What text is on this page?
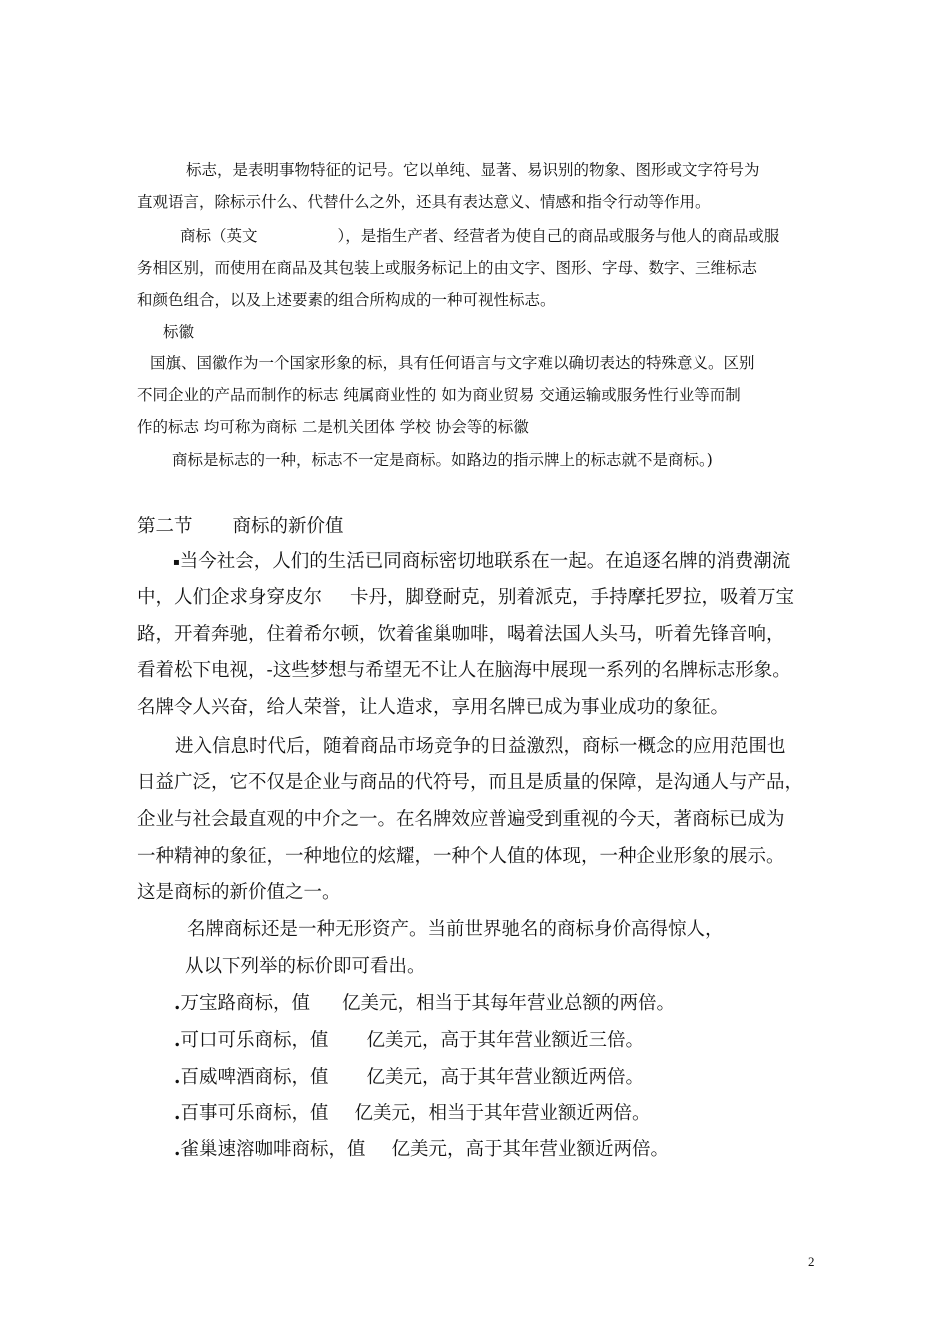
标志，是表明事物特征的记号。它以单纯、显著、易识别的物象、图形或文字符号为
直观语言，除标示什么、代替什么之外，还具有表达意义、情感和指令行动等作用。
商标（英文	），是指生产者、经营者为使自己的商品或服务与他人的商品或服
务相区别，而使用在商品及其包装上或服务标记上的由文字、图形、字母、数字、三维标志
和颜色组合，以及上述要素的组合所构成的一种可视性标志。
标徽
国旗、国徽作为一个国家形象的标，具有任何语言与文字难以确切表达的特殊意义。区别
不同企业的产品而制作的标志 纯属商业性的 如为商业贸易 交通运输或服务性行业等而制
作的标志 均可称为商标 二是机关团体 学校 协会等的标徽
商标是标志的一种，标志不一定是商标。如路边的指示牌上的标志就不是商标。)
第二节 商标的新价值
▪当今社会，人们的生活已同商标密切地联系在一起。在追逐名牌的消费潮流
中，人们企求身穿皮尔 卡丹，脚登耐克，别着派克，手持摩托罗拉，吸着万宝
路，开着奔驰，住着希尔顿，饮着雀巢咖啡，喝着法国人头马，听着先锋音响，
看着松下电视，-这些梦想与希望无不让人在脑海中展现一系列的名牌标志形象。
名牌令人兴奋，给人荣誉，让人造求，享用名牌已成为事业成功的象征。
进入信息时代后，随着商品市场竞争的日益激烈，商标一概念的应用范围也
日益广泛，它不仅是企业与商品的代符号，而且是质量的保障，是沟通人与产品，
企业与社会最直观的中介之一。在名牌效应普遍受到重视的今天，著商标已成为
一种精神的象征，一种地位的炫耀，一种个人值的体现，一种企业形象的展示。
这是商标的新价值之一。
名牌商标还是一种无形资产。当前世界驰名的商标身价高得惊人，
从以下列举的标价即可看出。
.万宝路商标，值 亿美元，相当于其每年营业总额的两倍。
.可口可乐商标，值 亿美元，高于其年营业额近三倍。
.百威啤酒商标，值 亿美元，高于其年营业额近两倍。
.百事可乐商标，值 亿美元，相当于其年营业额近两倍。
.雀巢速溶咖啡商标，值 亿美元，高于其年营业额近两倍。
2
